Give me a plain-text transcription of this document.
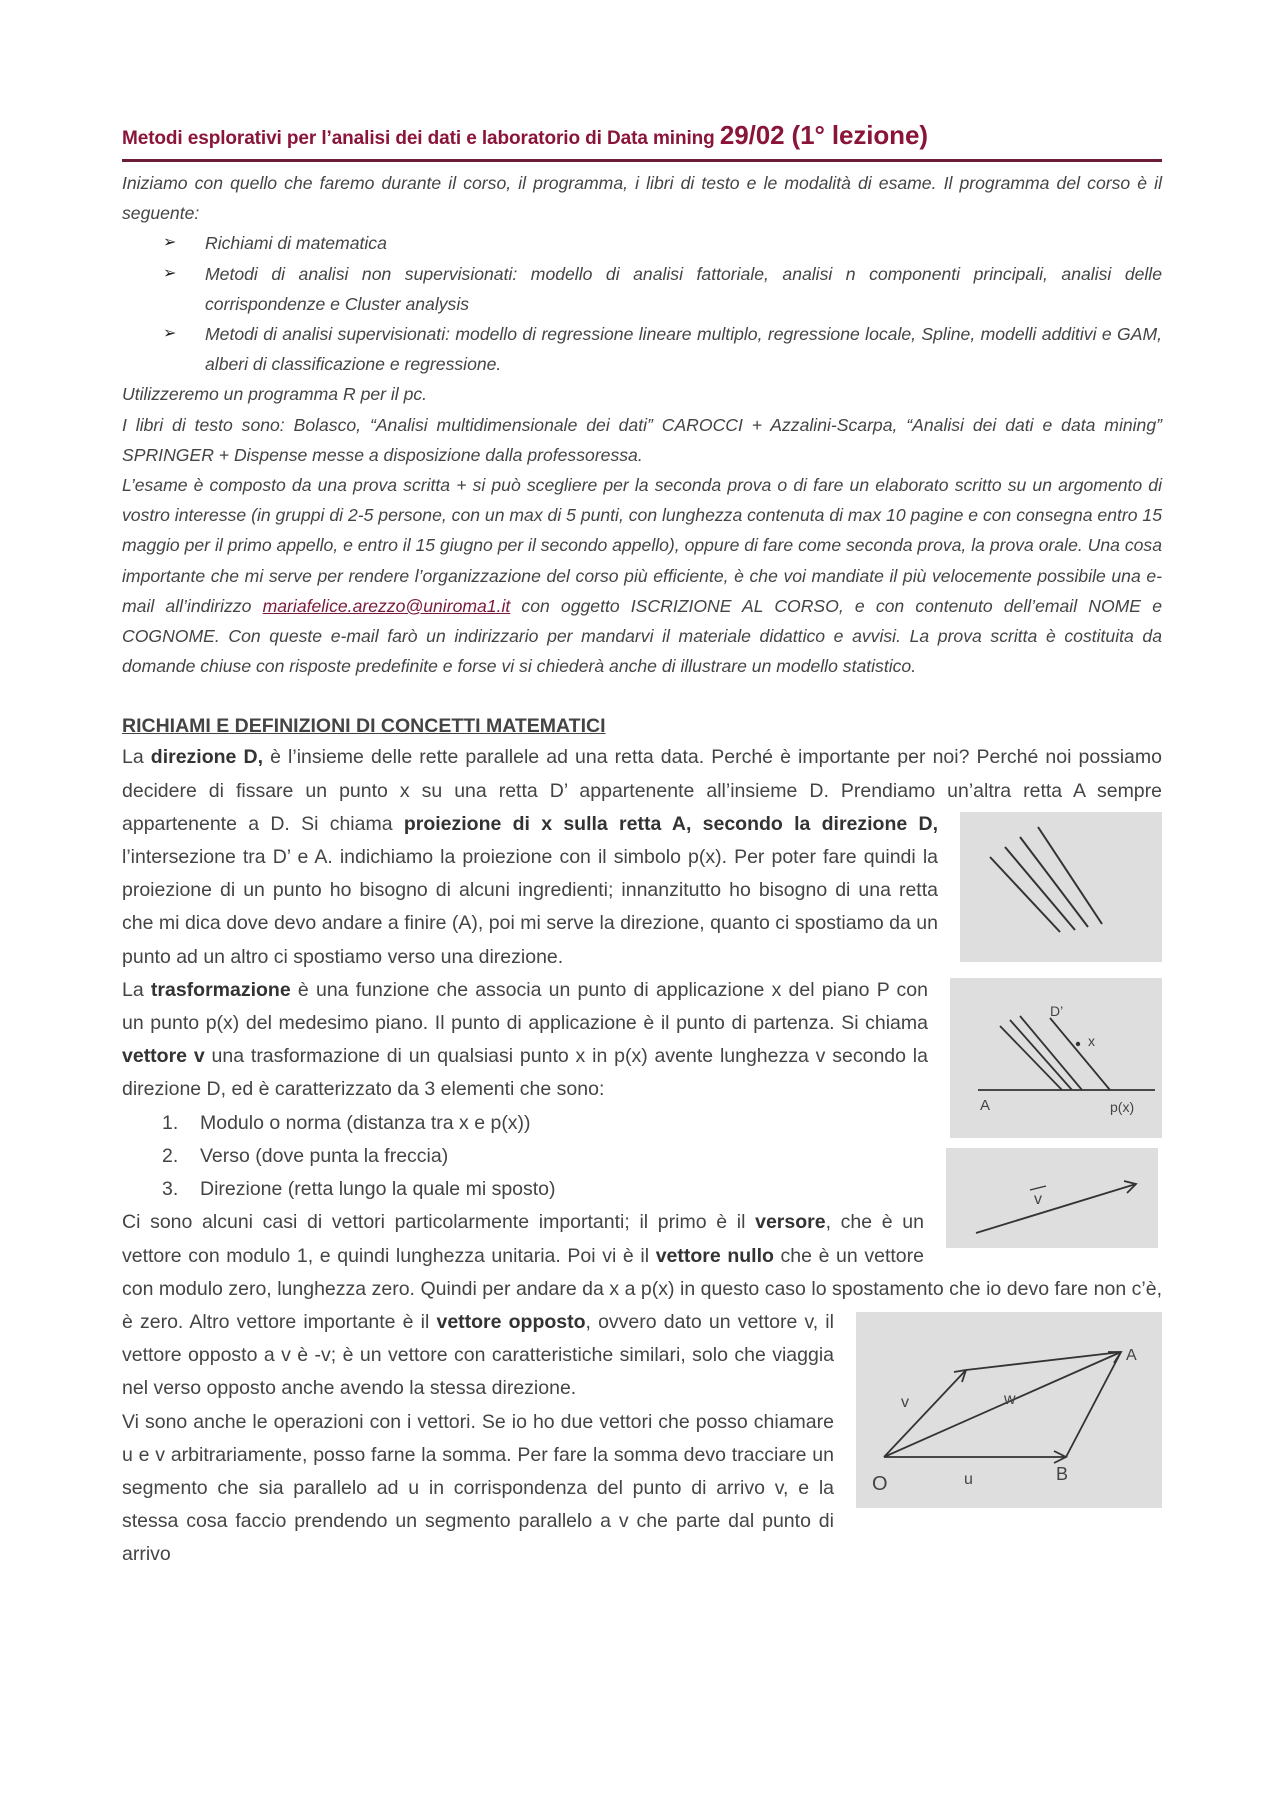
Metodi esplorativi per l’analisi dei dati e laboratorio di Data mining 29/02 (1° lezione)

Iniziamo con quello che faremo durante il corso, il programma, i libri di testo e le modalità di esame. Il programma del corso è il seguente:

➢ Richiami di matematica
➢ Metodi di analisi non supervisionati: modello di analisi fattoriale, analisi n componenti principali, analisi delle corrispondenze e Cluster analysis
➢ Metodi di analisi supervisionati: modello di regressione lineare multiplo, regressione locale, Spline, modelli additivi e GAM, alberi di classificazione e regressione.

Utilizzeremo un programma R per il pc.

I libri di testo sono: Bolasco, “Analisi multidimensionale dei dati” CAROCCI + Azzalini-Scarpa, “Analisi dei dati e data mining” SPRINGER + Dispense messe a disposizione dalla professoressa.

L’esame è composto da una prova scritta + si può scegliere per la seconda prova o di fare un elaborato scritto su un argomento di vostro interesse (in gruppi di 2-5 persone, con un max di 5 punti, con lunghezza contenuta di max 10 pagine e con consegna entro 15 maggio per il primo appello, e entro il 15 giugno per il secondo appello), oppure di fare come seconda prova, la prova orale. Una cosa importante che mi serve per rendere l’organizzazione del corso più efficiente, è che voi mandiate il più velocemente possibile una e-mail all’indirizzo mariafelice.arezzo@uniroma1.it con oggetto ISCRIZIONE AL CORSO, e con contenuto dell’email NOME e COGNOME. Con queste e-mail farò un indirizzario per mandarvi il materiale didattico e avvisi. La prova scritta è costituita da domande chiuse con risposte predefinite e forse vi si chiederà anche di illustrare un modello statistico.

RICHIAMI E DEFINIZIONI DI CONCETTI MATEMATICI

La direzione D, è l’insieme delle rette parallele ad una retta data. Perché è importante per noi? Perché noi possiamo decidere di fissare un punto x su una retta D’ appartenente all’insieme D. Prendiamo un’altra retta A sempre appartenente a D. Si chiama
proiezione di x sulla retta A, secondo la direzione D, l’intersezione tra D’ e A. indichiamo la proiezione con il simbolo p(x). Per poter fare quindi la proiezione di un punto ho bisogno di alcuni ingredienti; innanzitutto ho bisogno di una retta che mi dica dove devo andare a finire (A), poi mi serve la direzione, quanto ci spostiamo da un punto ad un altro ci spostiamo verso una direzione.

D’
x
A	p(x)
La trasformazione è una funzione che associa un punto di applicazione x del piano P con un punto p(x) del medesimo piano. Il punto di applicazione è il punto di partenza. Si chiama vettore v una trasformazione di un qualsiasi punto x in p(x) avente lunghezza v secondo la direzione D, ed è caratterizzato da 3 elementi che sono:

v
1. Modulo o norma (distanza tra x e p(x))
2. Verso (dove punta la freccia)
3. Direzione (retta lungo la quale mi sposto)

Ci sono alcuni casi di vettori particolarmente importanti; il primo è il versore, che è un vettore con modulo 1, e quindi lunghezza unitaria. Poi vi è il vettore nullo che è un vettore con modulo zero, lunghezza zero. Quindi per andare da x a p(x) in questo caso lo spostamento che io devo fare non c’è, è zero. Altro vettore importante è il
A
v	w
O	u	B
vettore opposto, ovvero dato un vettore v, il vettore opposto a v è -v; è un vettore con caratteristiche similari, solo che viaggia nel verso opposto anche avendo la stessa direzione.

Vi sono anche le operazioni con i vettori. Se io ho due vettori che posso chiamare u e v arbitrariamente, posso farne la somma. Per fare la somma devo tracciare un segmento che sia parallelo ad u in corrispondenza del punto di arrivo v, e la stessa cosa faccio prendendo un segmento parallelo a v che parte dal punto di arrivo
